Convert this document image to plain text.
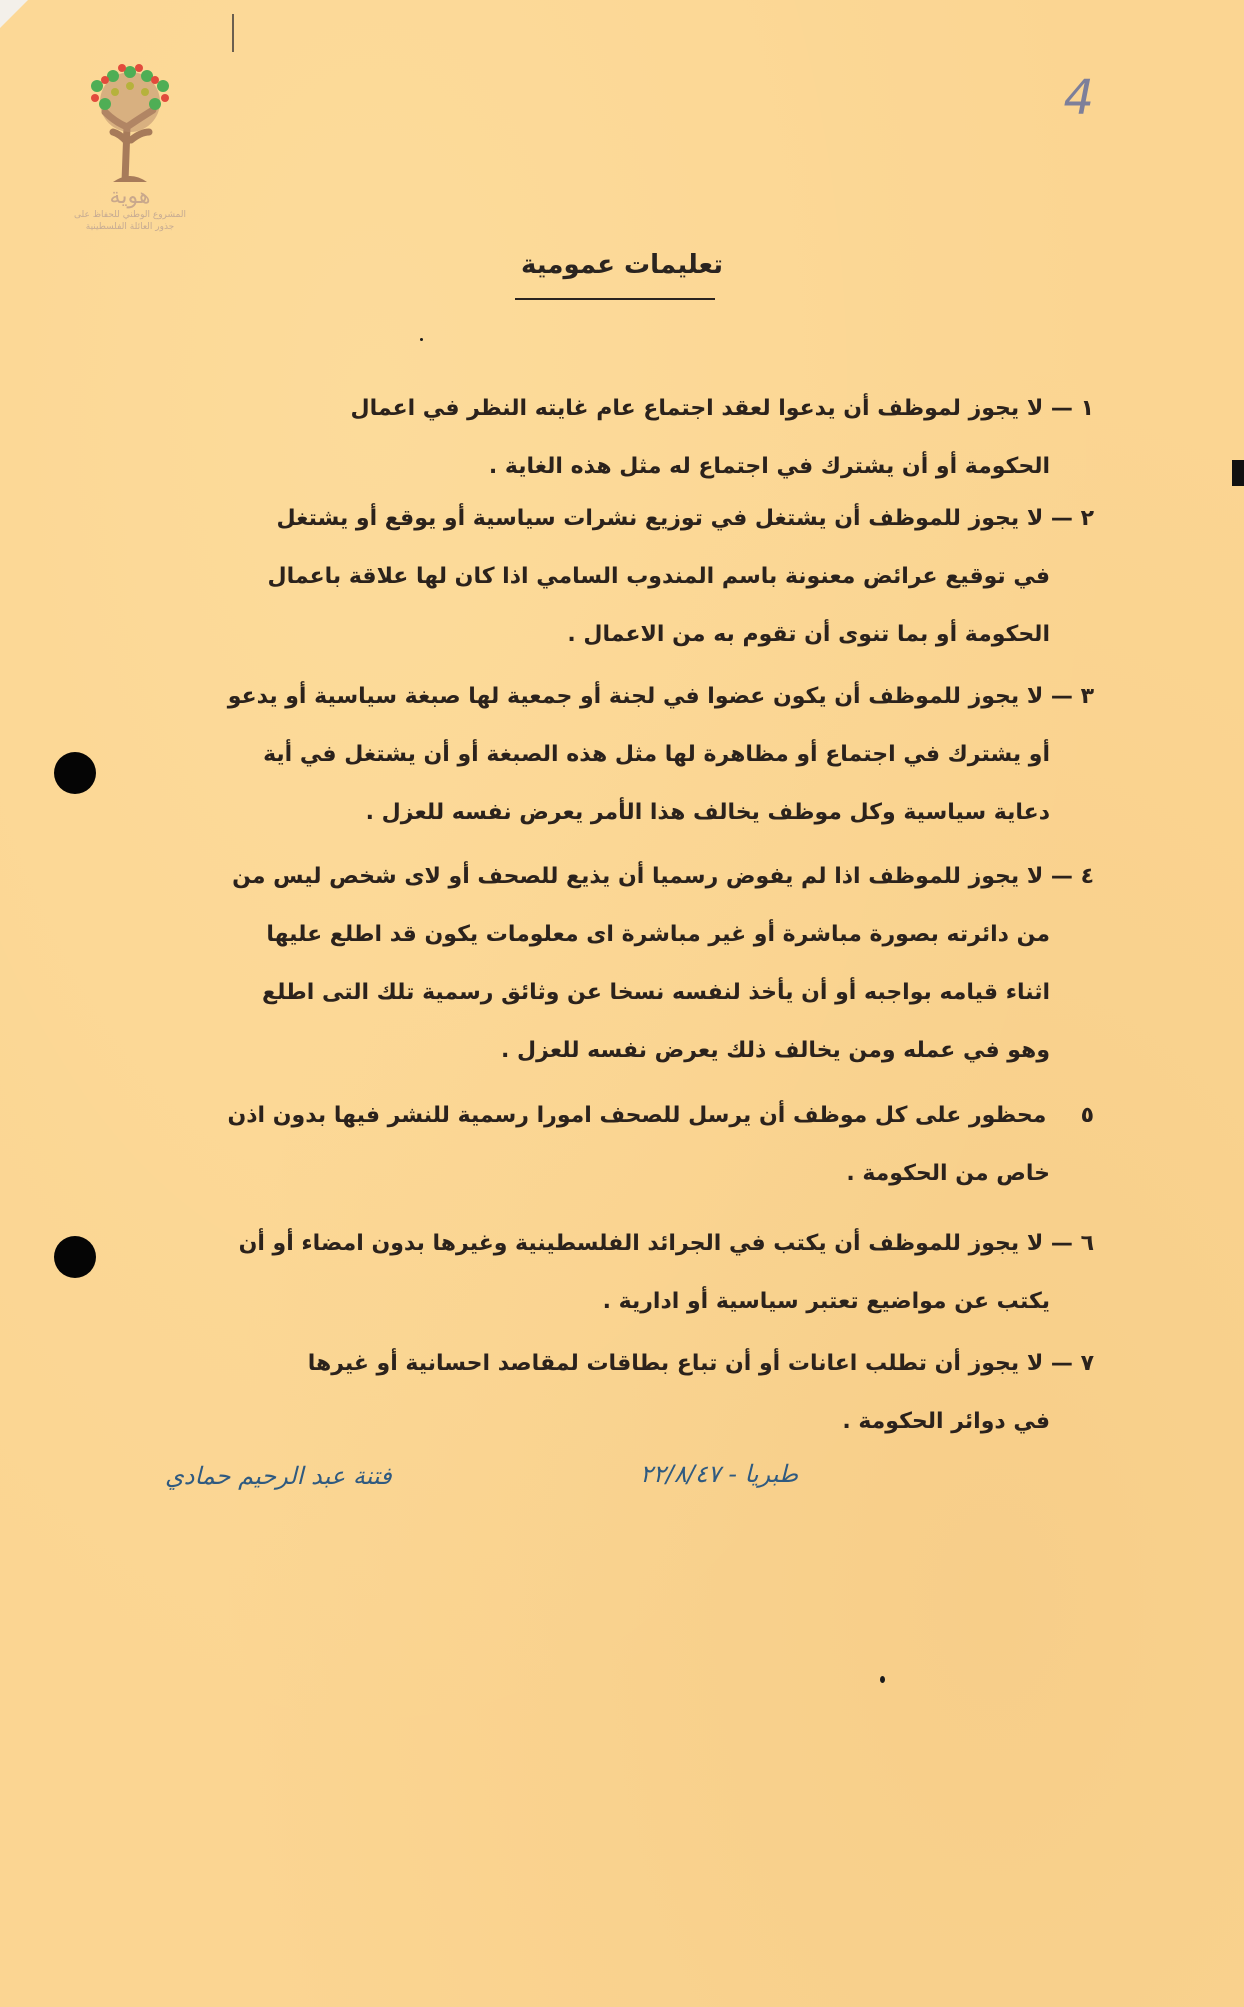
هوية
المشروع الوطني للحفاظ على
جذور العائلة الفلسطينية
4
تعليمات عمومية
١ — لا يجوز لموظف أن يدعوا لعقد اجتماع عام غايته النظر في اعمال
الحكومة أو أن يشترك في اجتماع له مثل هذه الغاية .
٢ — لا يجوز للموظف أن يشتغل في توزيع نشرات سياسية أو يوقع أو يشتغل
في توقيع عرائض معنونة باسم المندوب السامي اذا كان لها علاقة باعمال
الحكومة أو بما تنوى أن تقوم به من الاعمال .
٣ — لا يجوز للموظف أن يكون عضوا في لجنة أو جمعية لها صبغة سياسية أو يدعو
أو يشترك في اجتماع أو مظاهرة لها مثل هذه الصبغة أو أن يشتغل في أية
دعاية سياسية وكل موظف يخالف هذا الأمر يعرض نفسه للعزل .
٤ — لا يجوز للموظف اذا لم يفوض رسميا أن يذيع للصحف أو لاى شخص ليس من
من دائرته بصورة مباشرة أو غير مباشرة اى معلومات يكون قد اطلع عليها
اثناء قيامه بواجبه أو أن يأخذ لنفسه نسخا عن وثائق رسمية تلك التى اطلع
وهو في عمله ومن يخالف ذلك يعرض نفسه للعزل .
٥ محظور على كل موظف أن يرسل للصحف امورا رسمية للنشر فيها بدون اذن
خاص من الحكومة .
٦ — لا يجوز للموظف أن يكتب في الجرائد الفلسطينية وغيرها بدون امضاء أو أن
يكتب عن مواضيع تعتبر سياسية أو ادارية .
٧ — لا يجوز أن تطلب اعانات أو أن تباع بطاقات لمقاصد احسانية أو غيرها
في دوائر الحكومة .
طبريا - ٢٢/٨/٤٧
فتنة عبد الرحيم حمادي
